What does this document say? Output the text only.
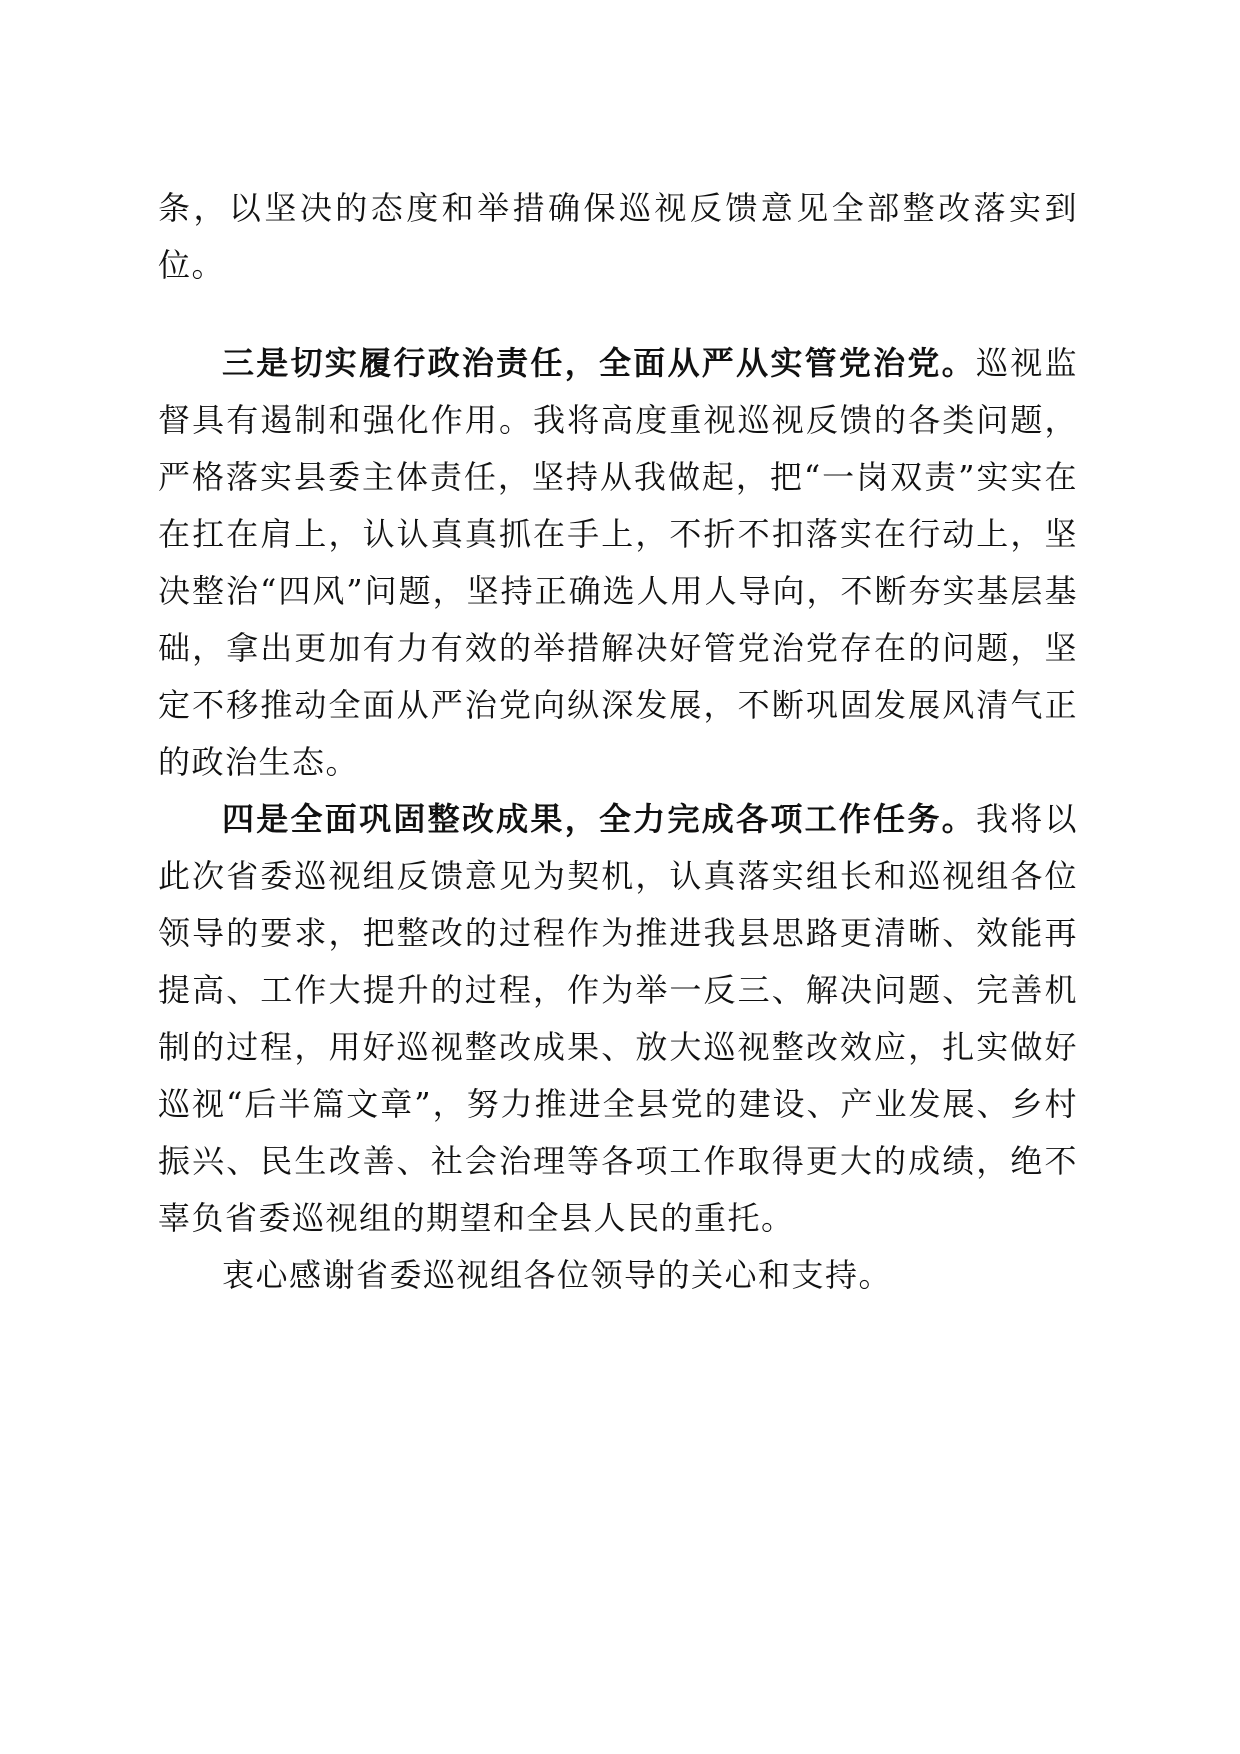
条，以坚决的态度和举措确保巡视反馈意见全部整改落实到位。

三是切实履行政治责任，全面从严从实管党治党。巡视监督具有遏制和强化作用。我将高度重视巡视反馈的各类问题，严格落实县委主体责任，坚持从我做起，把“一岗双责”实实在在扛在肩上，认认真真抓在手上，不折不扣落实在行动上，坚决整治“四风”问题，坚持正确选人用人导向，不断夯实基层基础，拿出更加有力有效的举措解决好管党治党存在的问题，坚定不移推动全面从严治党向纵深发展，不断巩固发展风清气正的政治生态。

四是全面巩固整改成果，全力完成各项工作任务。我将以此次省委巡视组反馈意见为契机，认真落实组长和巡视组各位领导的要求，把整改的过程作为推进我县思路更清晰、效能再提高、工作大提升的过程，作为举一反三、解决问题、完善机制的过程，用好巡视整改成果、放大巡视整改效应，扎实做好巡视“后半篇文章”，努力推进全县党的建设、产业发展、乡村振兴、民生改善、社会治理等各项工作取得更大的成绩，绝不辜负省委巡视组的期望和全县人民的重托。

衷心感谢省委巡视组各位领导的关心和支持。
